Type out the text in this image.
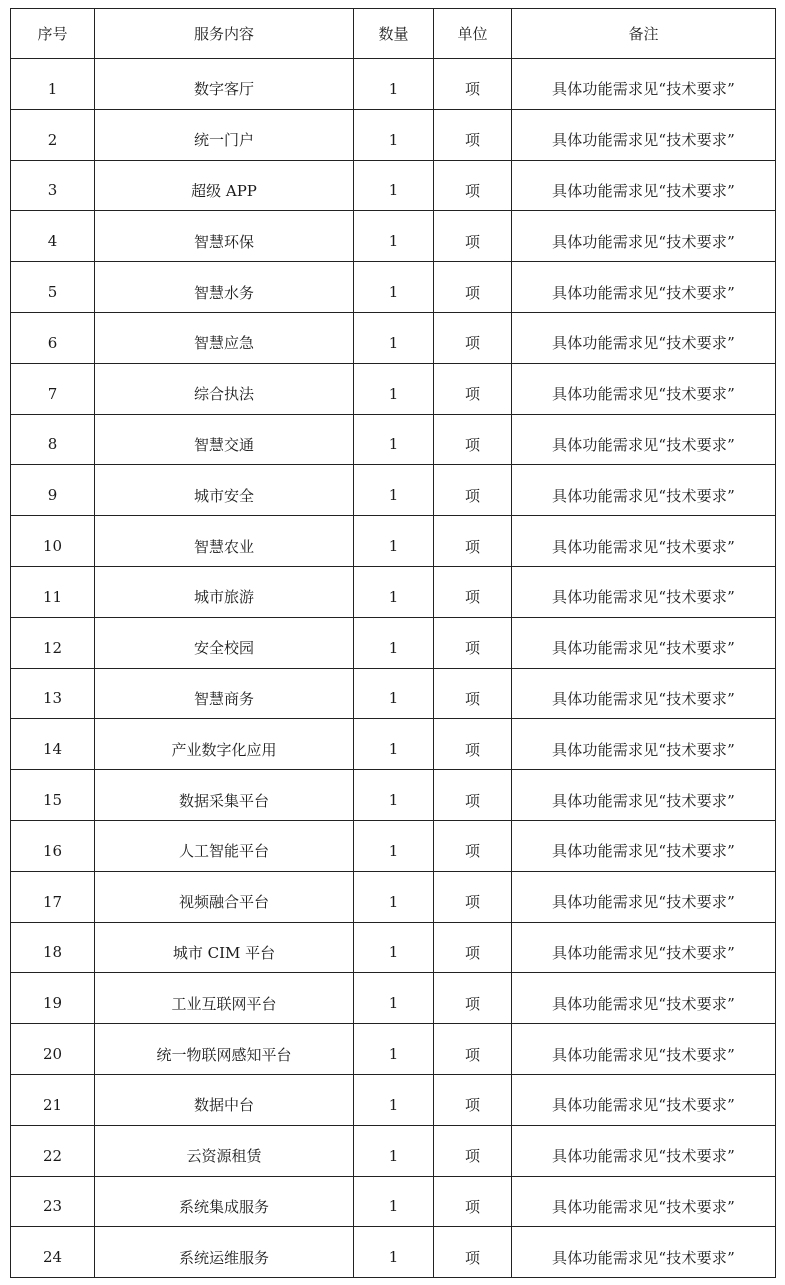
序号	服务内容	数量	单位	备注
1	数字客厅	1	项	具体功能需求见“技术要求”
2	统一门户	1	项	具体功能需求见“技术要求”
3	超级 APP	1	项	具体功能需求见“技术要求”
4	智慧环保	1	项	具体功能需求见“技术要求”
5	智慧水务	1	项	具体功能需求见“技术要求”
6	智慧应急	1	项	具体功能需求见“技术要求”
7	综合执法	1	项	具体功能需求见“技术要求”
8	智慧交通	1	项	具体功能需求见“技术要求”
9	城市安全	1	项	具体功能需求见“技术要求”
10	智慧农业	1	项	具体功能需求见“技术要求”
11	城市旅游	1	项	具体功能需求见“技术要求”
12	安全校园	1	项	具体功能需求见“技术要求”
13	智慧商务	1	项	具体功能需求见“技术要求”
14	产业数字化应用	1	项	具体功能需求见“技术要求”
15	数据采集平台	1	项	具体功能需求见“技术要求”
16	人工智能平台	1	项	具体功能需求见“技术要求”
17	视频融合平台	1	项	具体功能需求见“技术要求”
18	城市 CIM 平台	1	项	具体功能需求见“技术要求”
19	工业互联网平台	1	项	具体功能需求见“技术要求”
20	统一物联网感知平台	1	项	具体功能需求见“技术要求”
21	数据中台	1	项	具体功能需求见“技术要求”
22	云资源租赁	1	项	具体功能需求见“技术要求”
23	系统集成服务	1	项	具体功能需求见“技术要求”
24	系统运维服务	1	项	具体功能需求见“技术要求”
